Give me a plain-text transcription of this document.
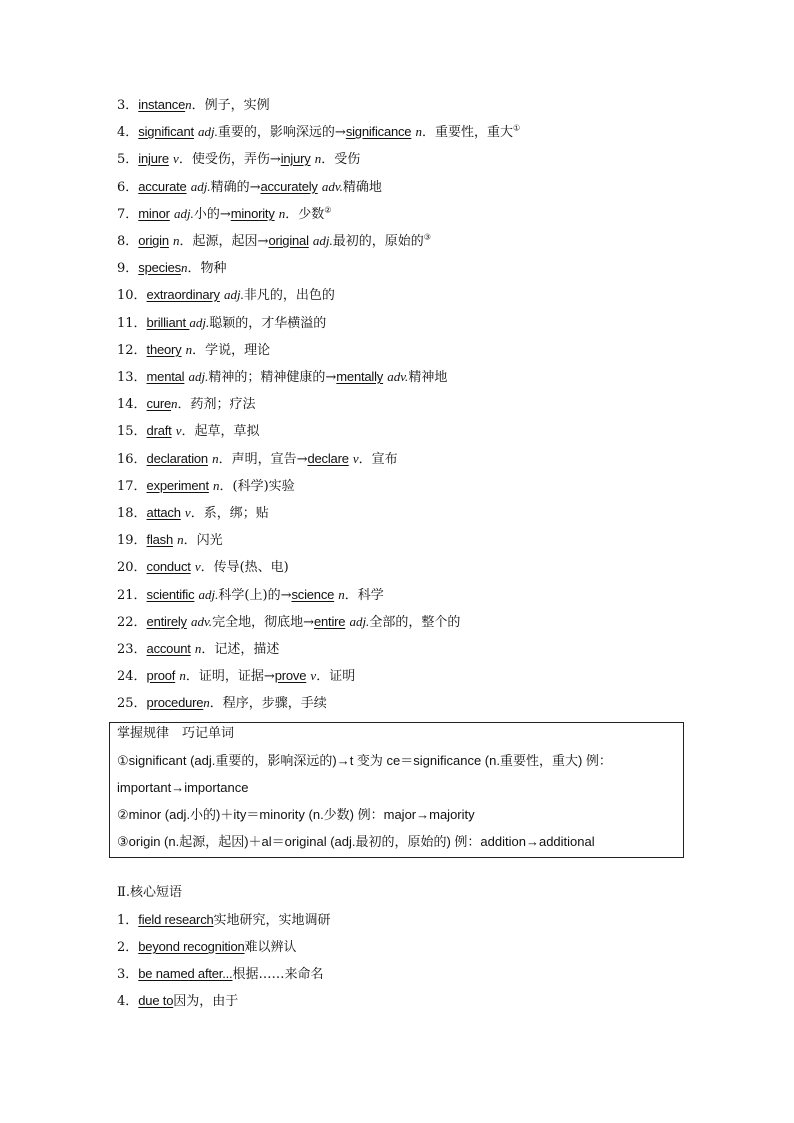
3．instancen．例子，实例
4．significant adj.重要的，影响深远的→significance n．重要性，重大①
5．injure v．使受伤，弄伤→injury n．受伤
6．accurate adj.精确的→accurately adv.精确地
7．minor adj.小的→minority n．少数②
8．origin n．起源，起因→original adj.最初的，原始的③
9．speciesn．物种
10．extraordinary adj.非凡的，出色的
11．brilliant adj.聪颖的，才华横溢的
12．theory n．学说，理论
13．mental adj.精神的；精神健康的→mentally adv.精神地
14．curen．药剂；疗法
15．draft v．起草，草拟
16．declaration n．声明，宣告→declare v．宣布
17．experiment n．(科学)实验
18．attach v．系，绑；贴
19．flash n．闪光
20．conduct v．传导(热、电)
21．scientific adj.科学(上)的→science n．科学
22．entirely adv.完全地，彻底地→entire adj.全部的，整个的
23．account n．记述，描述
24．proof n．证明，证据→prove v．证明
25．proceduren．程序，步骤，手续
掌握规律　巧记单词
①significant (adj.重要的，影响深远的)→t 变为 ce＝significance (n.重要性，重大) 例：
important→importance
②minor (adj.小的)＋ity＝minority (n.少数) 例：major→majority
③origin (n.起源，起因)＋al＝original (adj.最初的，原始的) 例：addition→additional
Ⅱ.核心短语
1．field research实地研究，实地调研
2．beyond recognition难以辨认
3．be named after...根据……来命名
4．due to因为，由于
